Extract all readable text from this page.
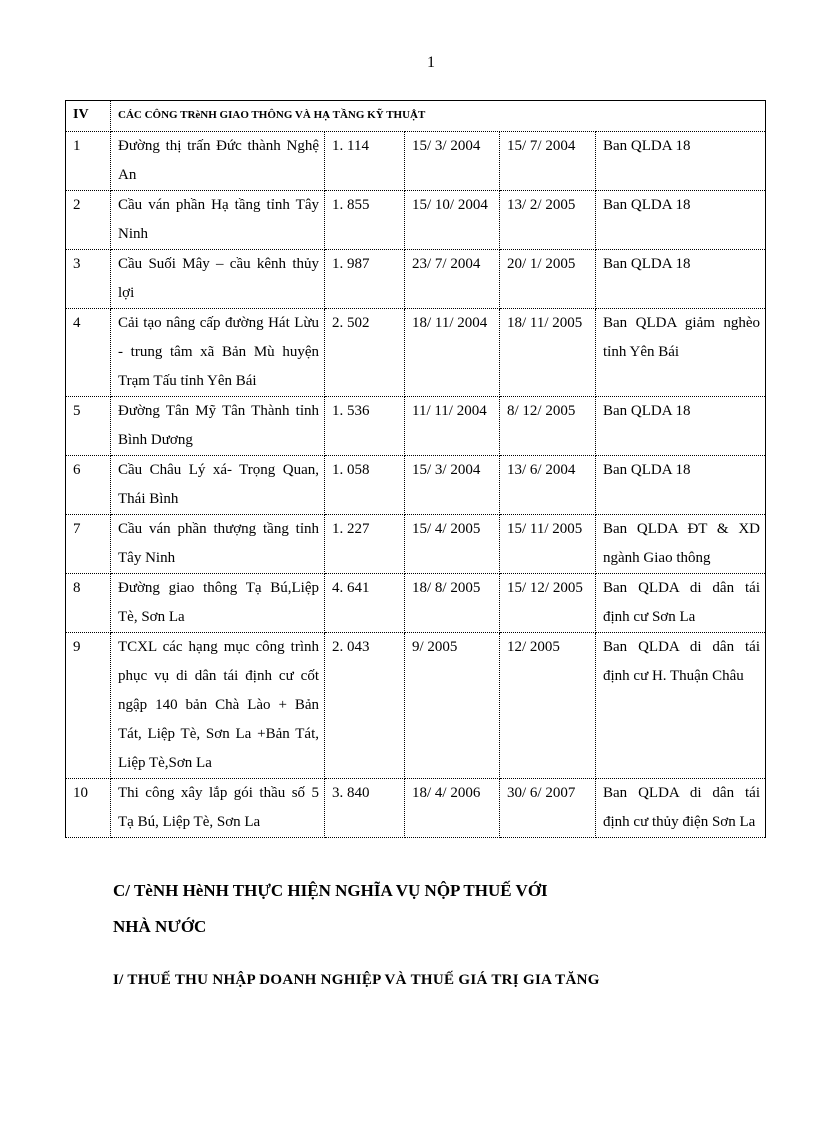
1
IV	CÁC CÔNG TRèNH GIAO THÔNG VÀ HẠ TẦNG KỸ THUẬT				
1	Đường thị trấn Đức thành Nghệ An	1. 114	15/ 3/ 2004	15/ 7/ 2004	Ban QLDA 18
2	Cầu ván phần Hạ tầng tỉnh Tây Ninh	1. 855	15/ 10/ 2004	13/ 2/ 2005	Ban QLDA 18
3	Cầu Suối Mây – cầu kênh thủy lợi	1. 987	23/ 7/ 2004	20/ 1/ 2005	Ban QLDA 18
4	Cải tạo nâng cấp đường Hát Lừu - trung tâm xã Bản Mù huyện Trạm Tấu tỉnh Yên Bái	2. 502	18/ 11/ 2004	18/ 11/ 2005	Ban QLDA giảm nghèo tỉnh Yên Bái
5	Đường Tân Mỹ Tân Thành tỉnh Bình Dương	1. 536	11/ 11/ 2004	8/ 12/ 2005	Ban QLDA 18
6	Cầu Châu Lý xá- Trọng Quan, Thái Bình	1. 058	15/ 3/ 2004	13/ 6/ 2004	Ban QLDA 18
7	Cầu ván phần thượng tầng tỉnh Tây Ninh	1. 227	15/ 4/ 2005	15/ 11/ 2005	Ban QLDA ĐT & XD ngành Giao thông
8	Đường giao thông Tạ Bú,Liệp Tè, Sơn La	4. 641	18/ 8/ 2005	15/ 12/ 2005	Ban QLDA di dân tái định cư Sơn La
9	TCXL các hạng mục công trình phục vụ di dân tái định cư cốt ngập 140 bản Chà Lào + Bản Tát, Liệp Tè, Sơn La +Bản Tát, Liệp Tè,Sơn La	2. 043	9/ 2005	12/ 2005	Ban QLDA di dân tái định cư H. Thuận Châu
10	Thi công xây lắp gói thầu số 5 Tạ Bú, Liệp Tè, Sơn La	3. 840	18/ 4/ 2006	30/ 6/ 2007	Ban QLDA di dân tái định cư thủy điện Sơn La
C/ TèNH HèNH THỰC HIỆN NGHĨA VỤ NỘP THUẾ VỚI
NHÀ NƯỚC
I/ THUẾ THU NHẬP DOANH NGHIỆP VÀ THUẾ GIÁ TRỊ GIA TĂNG
